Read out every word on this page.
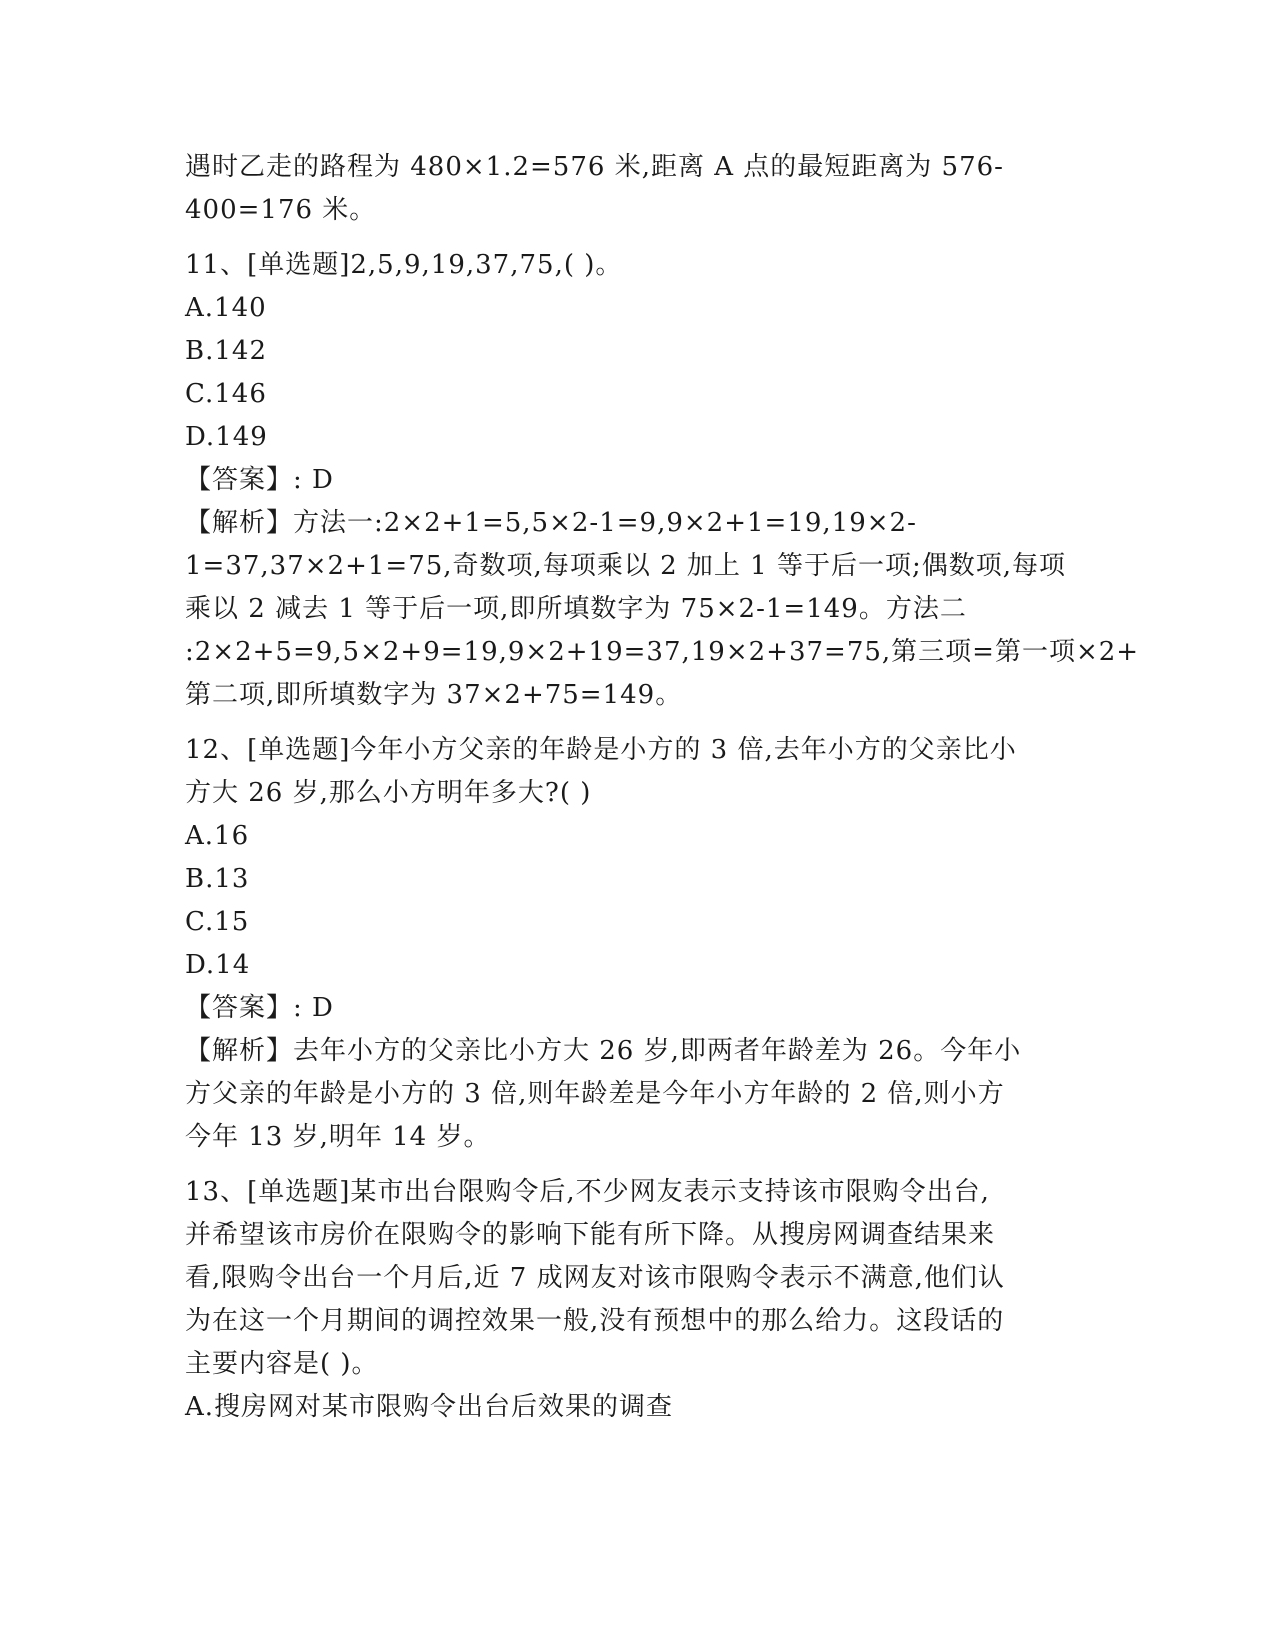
遇时乙走的路程为 480×1.2=576 米,距离 A 点的最短距离为 576-
400=176 米。
11、[单选题]2,5,9,19,37,75,( )。
A.140
B.142
C.146
D.149
【答案】: D
【解析】方法一:2×2+1=5,5×2-1=9,9×2+1=19,19×2-
1=37,37×2+1=75,奇数项,每项乘以 2 加上 1 等于后一项;偶数项,每项
乘以 2 减去 1 等于后一项,即所填数字为 75×2-1=149。方法二
:2×2+5=9,5×2+9=19,9×2+19=37,19×2+37=75,第三项=第一项×2+
第二项,即所填数字为 37×2+75=149。
12、[单选题]今年小方父亲的年龄是小方的 3 倍,去年小方的父亲比小
方大 26 岁,那么小方明年多大?( )
A.16
B.13
C.15
D.14
【答案】: D
【解析】去年小方的父亲比小方大 26 岁,即两者年龄差为 26。今年小
方父亲的年龄是小方的 3 倍,则年龄差是今年小方年龄的 2 倍,则小方
今年 13 岁,明年 14 岁。
13、[单选题]某市出台限购令后,不少网友表示支持该市限购令出台,
并希望该市房价在限购令的影响下能有所下降。从搜房网调查结果来
看,限购令出台一个月后,近 7 成网友对该市限购令表示不满意,他们认
为在这一个月期间的调控效果一般,没有预想中的那么给力。这段话的
主要内容是( )。
A.搜房网对某市限购令出台后效果的调查
